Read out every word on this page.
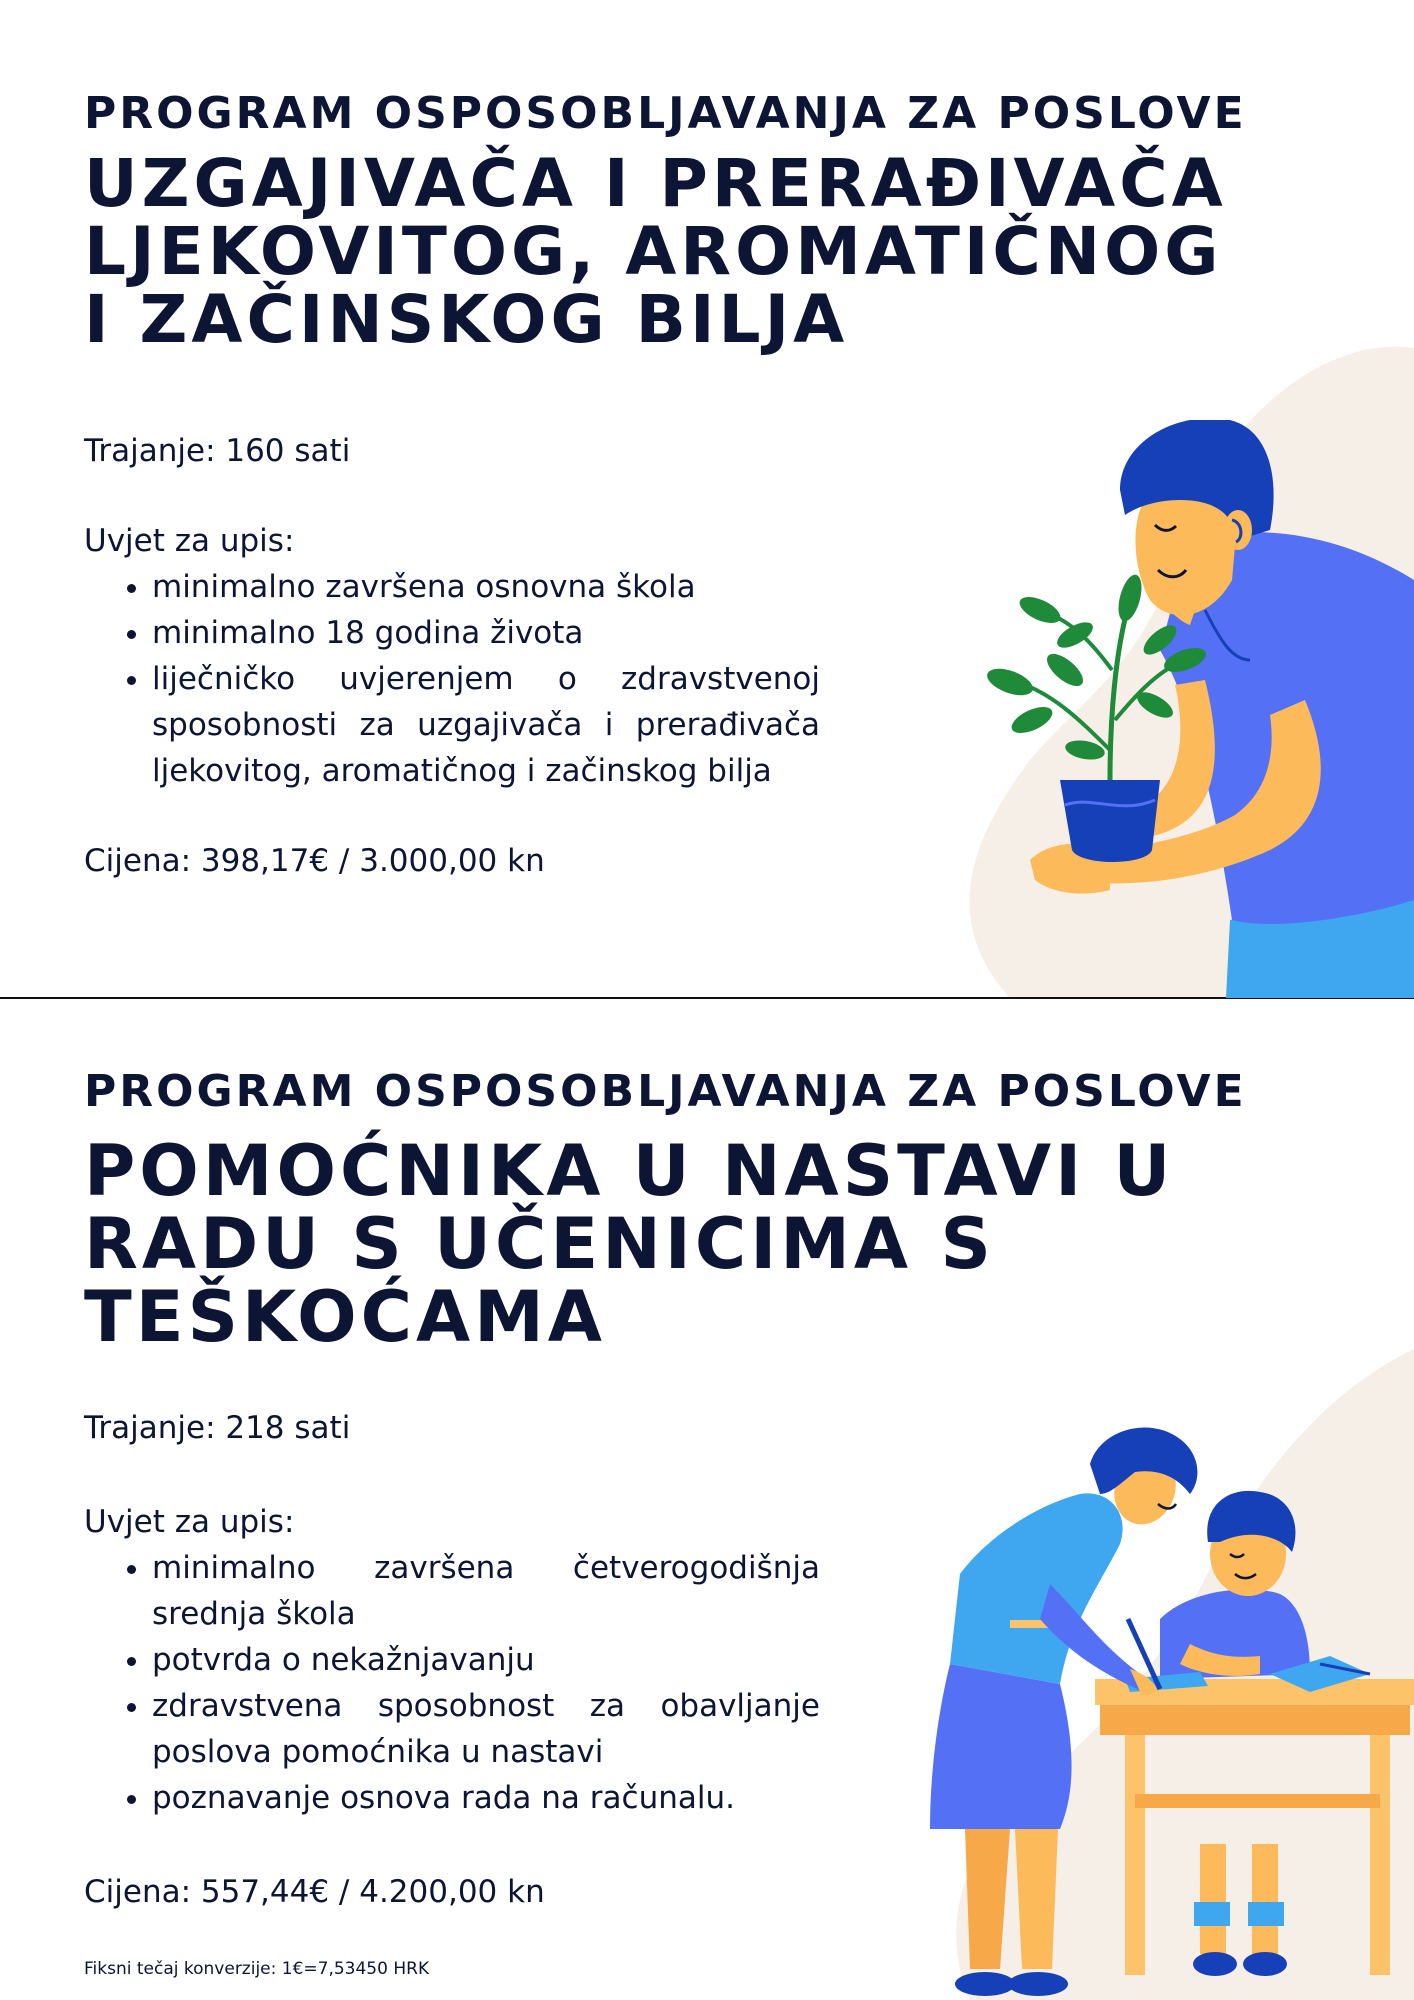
PROGRAM OSPOSOBLJAVANJA ZA POSLOVE
UZGAJIVAČA I PRERAĐIVAČA
LJEKOVITOG, AROMATIČNOG
I ZAČINSKOG BILJA

Trajanje: 160 sati

Uvjet za upis:

• minimalno završena osnovna škola
• minimalno 18 godina života
• liječničko uvjerenjem o zdravstvenoj sposobnosti za uzgajivača i prerađivača ljekovitog, aromatičnog i začinskog bilja

Cijena: 398,17€ / 3.000,00 kn

PROGRAM OSPOSOBLJAVANJA ZA POSLOVE
POMOĆNIKA U NASTAVI U
RADU S UČENICIMA S
TEŠKOĆAMA

Trajanje: 218 sati

Uvjet za upis:

• minimalno završena četverogodišnja srednja škola
• potvrda o nekažnjavanju
• zdravstvena sposobnost za obavljanje poslova pomoćnika u nastavi
• poznavanje osnova rada na računalu.

Cijena: 557,44€ / 4.200,00 kn

Fiksni tečaj konverzije: 1€=7,53450 HRK
